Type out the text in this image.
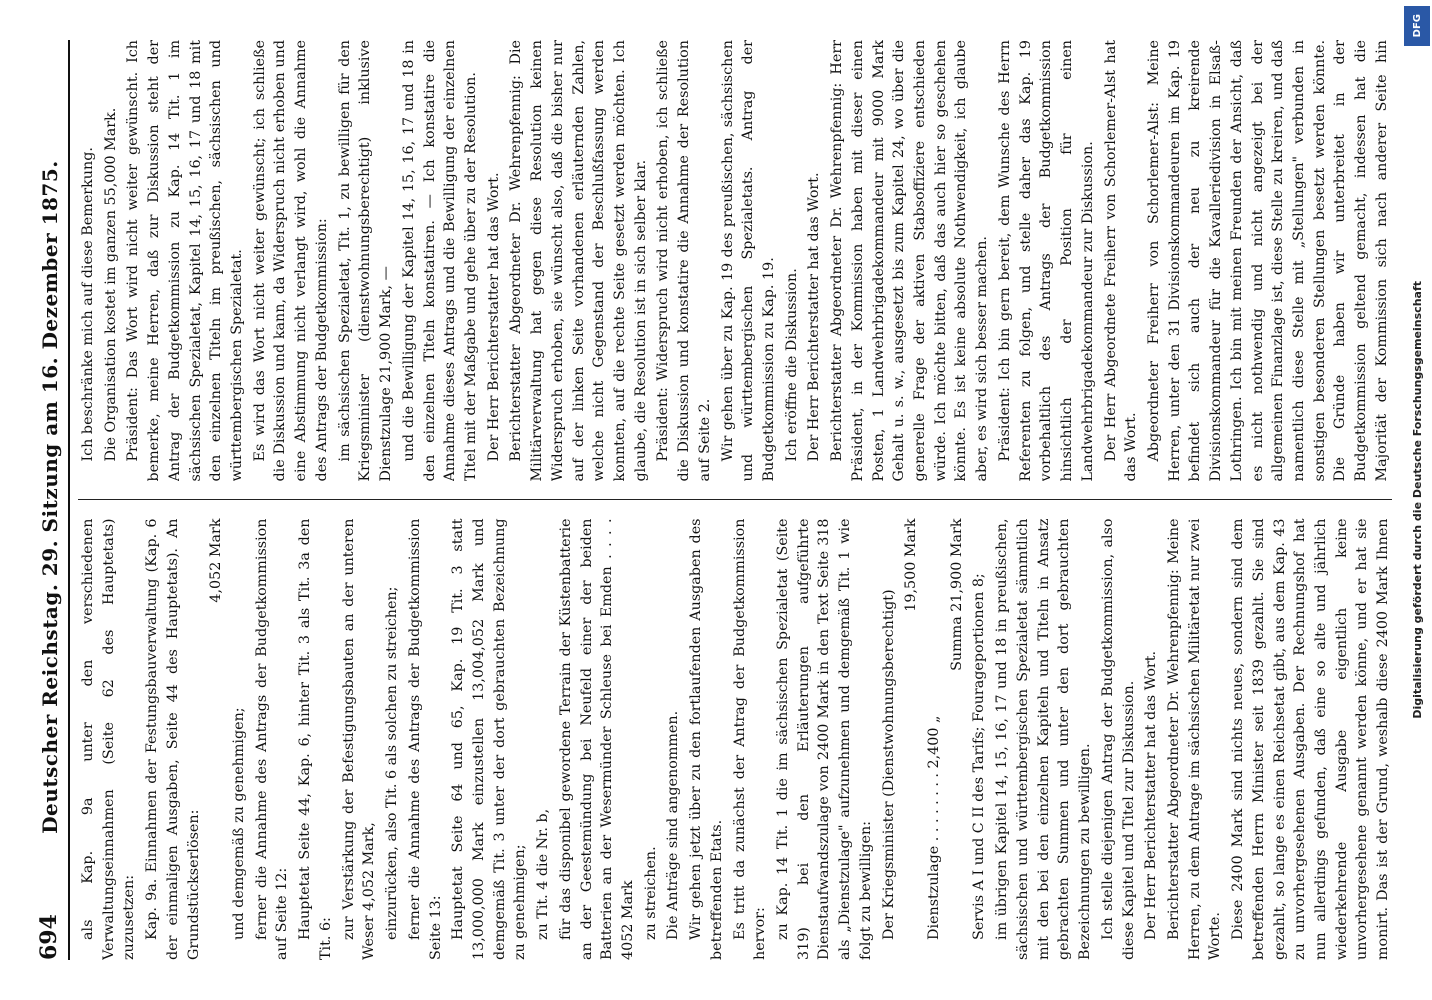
694
Deutscher Reichstag. 29. Sitzung am 16. Dezember 1875. als Kap. 9a unter den verschiedenen Verwaltungseinnahmen (Seite 62 des Hauptetats) zuzusetzen: Kap. 9a. Einnahmen der Festungsbauverwaltung (Kap. 6 der einmaligen Ausgaben, Seite 44 des Hauptetats). An Grundstückserlösen:

4,052 Mark

und demgemäß zu genehmigen; ferner die Annahme des Antrags der Budgetkommission auf Seite 12: Hauptetat Seite 44, Kap. 6, hinter Tit. 3 als Tit. 3a den Tit. 6: zur Verstärkung der Befestigungsbauten an der unteren Weser 4,052 Mark, einzurücken, also Tit. 6 als solchen zu streichen; ferner die Annahme des Antrags der Budgetkommission Seite 13: Hauptetat Seite 64 und 65, Kap. 19 Tit. 3 statt 13,000,000 Mark einzustellen 13,004,052 Mark und demgemäß Tit. 3 unter der dort gebrauchten Bezeichnung zu genehmigen; zu Tit. 4 die Nr. b, für das disponibel gewordene Terrain der Küstenbatterie an der Geestemündung bei Neufeld einer der beiden Batterien an der Wesermünder Schleuse bei Emden . . . . 4052 Mark zu streichen. Die Anträge sind angenommen. Wir gehen jetzt über zu den fortlaufenden Ausgaben des betreffenden Etats. Es tritt da zunächst der Antrag der Budgetkommission hervor: zu Kap. 14 Tit. 1 die im sächsischen Spezialetat (Seite 319) bei den Erläuterungen aufgeführte Dienstaufwandszulage von 2400 Mark in den Text Seite 318 als „Dienstzulage" aufzunehmen und demgemäß Tit. 1 wie folgt zu bewilligen: Der Kriegsminister (Dienstwohnungsberechtigt)

19,500 Mark

Dienstzulage . . . . . . . . 2,400 „

Summa 21,900 Mark Servis A I und C II des Tarifs; Fourageportionen 8; im übrigen Kapitel 14, 15, 16, 17 und 18 in preußischen, sächsischen und württembergischen Spezialetat sämmtlich mit den bei den einzelnen Kapiteln und Titeln in Ansatz gebrachten Summen und unter den dort gebrauchten Bezeichnungen zu bewilligen. Ich stelle diejenigen Antrag der Budgetkommission, also diese Kapitel und Titel zur Diskussion. Der Herr Berichterstatter hat das Wort. Berichterstatter Abgeordneter Dr. Wehrenpfennig: Meine Herren, zu dem Antrage im sächsischen Militäretat nur zwei Worte. Diese 2400 Mark sind nichts neues, sondern sind dem betreffenden Herrn Minister seit 1839 gezahlt. Sie sind gezahlt, so lange es einen Reichsetat gibt, aus dem Kap. 43 zu unvorhergesehenen Ausgaben. Der Rechnungshof hat nun allerdings gefunden, daß eine so alte und jährlich wiederkehrende Ausgabe eigentlich keine unvorhergesehene genannt werden könne, und er hat sie monirt. Das ist der Grund, weshalb diese 2400 Mark Ihnen

Ich beschränke mich auf diese Bemerkung. Die Organisation kostet im ganzen 55,000 Mark. Präsident: Das Wort wird nicht weiter gewünscht. Ich bemerke, meine Herren, daß zur Diskussion steht der Antrag der Budgetkommission zu Kap. 14 Tit. 1 im sächsischen Spezialetat, Kapitel 14, 15, 16, 17 und 18 mit den einzelnen Titeln im preußischen, sächsischen und württembergischen Spezialetat. Es wird das Wort nicht weiter gewünscht; ich schließe die Diskussion und kann, da Widerspruch nicht erhoben und eine Abstimmung nicht verlangt wird, wohl die Annahme des Antrags der Budgetkommission: im sächsischen Spezialetat, Tit. 1, zu bewilligen für den Kriegsminister (dienstwohnungsberechtigt) inklusive Dienstzulage 21,900 Mark, — und die Bewilligung der Kapitel 14, 15, 16, 17 und 18 in den einzelnen Titeln konstatiren. — Ich konstatire die Annahme dieses Antrags und die Bewilligung der einzelnen Titel mit der Maßgabe und gehe über zu der Resolution. Der Herr Berichterstatter hat das Wort. Berichterstatter Abgeordneter Dr. Wehrenpfennig: Die Militärverwaltung hat gegen diese Resolution keinen Widerspruch erhoben, sie wünscht also, daß die bisher nur auf der linken Seite vorhandenen erläuternden Zahlen, welche nicht Gegenstand der Beschlußfassung werden konnten, auf die rechte Seite gesetzt werden möchten. Ich glaube, die Resolution ist in sich selber klar. Präsident: Widerspruch wird nicht erhoben, ich schließe die Diskussion und konstatire die Annahme der Resolution auf Seite 2. Wir gehen über zu Kap. 19 des preußischen, sächsischen und württembergischen Spezialetats. Antrag der Budgetkommission zu Kap. 19. Ich eröffne die Diskussion. Der Herr Berichterstatter hat das Wort. Berichterstatter Abgeordneter Dr. Wehrenpfennig: Herr Präsident, in der Kommission haben mit dieser einen Posten, 1 Landwehrbrigadekommandeur mit 9000 Mark Gehalt u. s. w., ausgesetzt bis zum Kapitel 24, wo über die generelle Frage der aktiven Stabsoffiziere entschieden würde. Ich möchte bitten, daß das auch hier so geschehen könnte. Es ist keine absolute Nothwendigkeit, ich glaube aber, es wird sich besser machen. Präsident: Ich bin gern bereit, dem Wunsche des Herrn Referenten zu folgen, und stelle daher das Kap. 19 vorbehaltlich des Antrags der Budgetkommission hinsichtlich der Position für einen Landwehrbrigadekommandeur zur Diskussion. Der Herr Abgeordnete Freiherr von Schorlemer-Alst hat das Wort. Abgeordneter Freiherr von Schorlemer-Alst: Meine Herren, unter den 31 Divisionskommandeuren im Kap. 19 befindet sich auch der neu zu kreirende Divisionskommandeur für die Kavalleriedivision in Elsaß-Lothringen. Ich bin mit meinen Freunden der Ansicht, daß es nicht nothwendig und nicht angezeigt bei der allgemeinen Finanzlage ist, diese Stelle zu kreiren, und daß namentlich diese Stelle mit „Stellungen" verbunden in sonstigen besonderen Stellungen besetzt werden könnte. Die Gründe haben wir unterbreitet in der Budgetkommission geltend gemacht, indessen hat die Majorität der Kommission sich nach anderer Seite hin

DFG
Digitalisierung gefördert durch die Deutsche Forschungsgemeinschaft
